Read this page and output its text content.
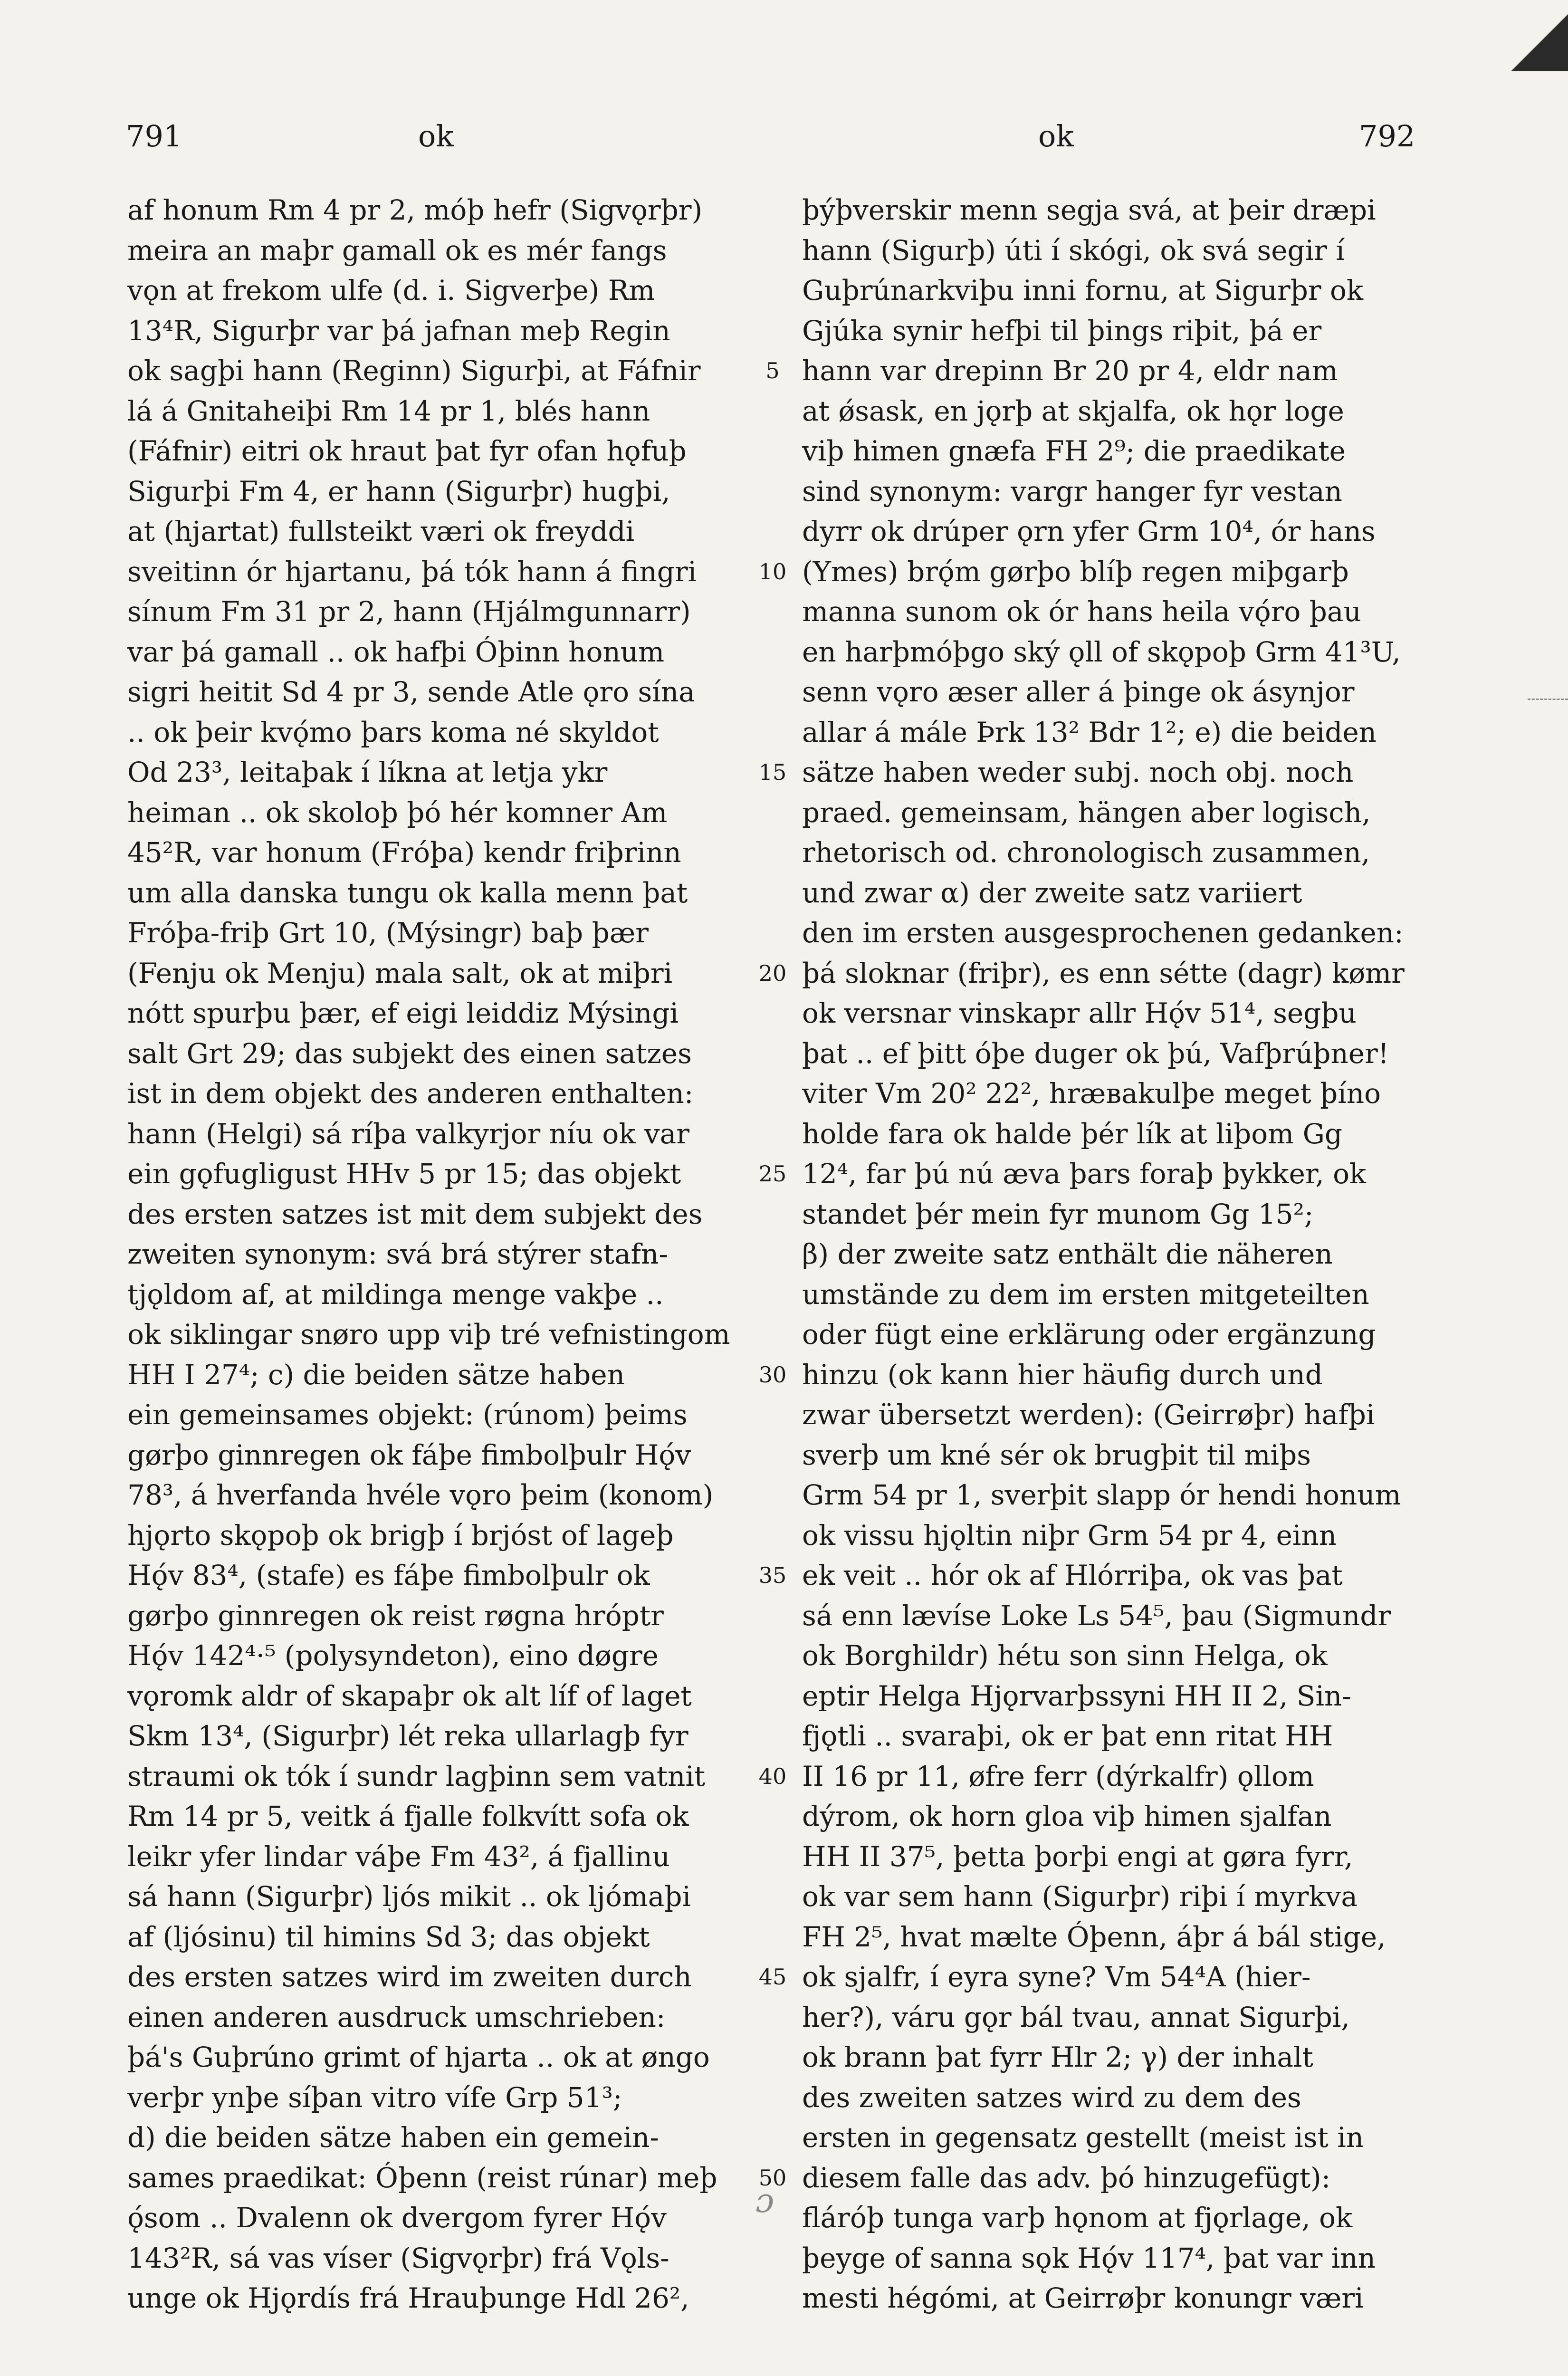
791	ok	ok	792
af honum Rm 4 pr 2, móþ hefr (Sigvǫrþr)
meira an maþr gamall ok es mér fangs
vǫn at frekom ulfe (d. i. Sigverþe) Rm
13⁴R, Sigurþr var þá jafnan meþ Regin
ok sagþi hann (Reginn) Sigurþi, at Fáfnir
lá á Gnitaheiþi Rm 14 pr 1, blés hann
(Fáfnir) eitri ok hraut þat fyr ofan hǫfuþ
Sigurþi Fm 4, er hann (Sigurþr) hugþi,
at (hjartat) fullsteikt væri ok freyddi
sveitinn ór hjartanu, þá tók hann á fingri
sínum Fm 31 pr 2, hann (Hjálmgunnarr)
var þá gamall .. ok hafþi Óþinn honum
sigri heitit Sd 4 pr 3, sende Atle ǫro sína
.. ok þeir kvǫ́mo þars koma né skyldot
Od 23³, leitaþak í líkna at letja ykr
heiman .. ok skoloþ þó hér komner Am
45²R, var honum (Fróþa) kendr friþrinn
um alla danska tungu ok kalla menn þat
Fróþa-friþ Grt 10, (Mýsingr) baþ þær
(Fenju ok Menju) mala salt, ok at miþri
nótt spurþu þær, ef eigi leiddiz Mýsingi
salt Grt 29; das subjekt des einen satzes
ist in dem objekt des anderen enthalten:
hann (Helgi) sá ríþa valkyrjor níu ok var
ein gǫfugligust HHv 5 pr 15; das objekt
des ersten satzes ist mit dem subjekt des
zweiten synonym: svá brá stýrer stafn-
tjǫldom af, at mildinga menge vakþe ..
ok siklingar snøro upp viþ tré vefnistingom
HH I 27⁴; c) die beiden sätze haben
ein gemeinsames objekt: (rúnom) þeims
gørþo ginnregen ok fáþe fimbolþulr Hǫ́v
78³, á hverfanda hvéle vǫro þeim (konom)
hjǫrto skǫpoþ ok brigþ í brjóst of lageþ
Hǫ́v 83⁴, (stafe) es fáþe fimbolþulr ok
gørþo ginnregen ok reist røgna hróptr
Hǫ́v 142⁴·⁵ (polysyndeton), eino døgre
vǫromk aldr of skapaþr ok alt líf of laget
Skm 13⁴, (Sigurþr) lét reka ullarlagþ fyr
straumi ok tók í sundr lagþinn sem vatnit
Rm 14 pr 5, veitk á fjalle folkvítt sofa ok
leikr yfer lindar váþe Fm 43², á fjallinu
sá hann (Sigurþr) ljós mikit .. ok ljómaþi
af (ljósinu) til himins Sd 3; das objekt
des ersten satzes wird im zweiten durch
einen anderen ausdruck umschrieben:
þá's Guþrúno grimt of hjarta .. ok at øngo
verþr ynþe síþan vitro vífe Grp 51³;
d) die beiden sätze haben ein gemein-
sames praedikat: Óþenn (reist rúnar) meþ
ǫ́som .. Dvalenn ok dvergom fyrer Hǫ́v
143²R, sá vas víser (Sigvǫrþr) frá Vǫls-
unge ok Hjǫrdís frá Hrauþunge Hdl 26²,
5
10
15
20
25
30
35
40
45
50
þýþverskir menn segja svá, at þeir dræpi
hann (Sigurþ) úti í skógi, ok svá segir í
Guþrúnarkviþu inni fornu, at Sigurþr ok
Gjúka synir hefþi til þings riþit, þá er
hann var drepinn Br 20 pr 4, eldr nam
at ǿsask, en jǫrþ at skjalfa, ok hǫr loge
viþ himen gnæfa FH 2⁹; die praedikate
sind synonym: vargr hanger fyr vestan
dyrr ok drúper ǫrn yfer Grm 10⁴, ór hans
(Ymes) brǫ́m gørþo blíþ regen miþgarþ
manna sunom ok ór hans heila vǫ́ro þau
en harþmóþgo ský ǫll of skǫpoþ Grm 41³U,
senn vǫro æser aller á þinge ok ásynjor
allar á mále Þrk 13² Bdr 1²; e) die beiden
sätze haben weder subj. noch obj. noch
praed. gemeinsam, hängen aber logisch,
rhetorisch od. chronologisch zusammen,
und zwar α) der zweite satz variiert
den im ersten ausgesprochenen gedanken:
þá sloknar (friþr), es enn sétte (dagr) kømr
ok versnar vinskapr allr Hǫ́v 51⁴, segþu
þat .. ef þitt óþe duger ok þú, Vafþrúþner!
viter Vm 20² 22², hræвakulþe meget þíno
holde fara ok halde þér lík at liþom Gg
12⁴, far þú nú æva þars foraþ þykker, ok
standet þér mein fyr munom Gg 15²;
β) der zweite satz enthält die näheren
umstände zu dem im ersten mitgeteilten
oder fügt eine erklärung oder ergänzung
hinzu (ok kann hier häufig durch und
zwar übersetzt werden): (Geirrøþr) hafþi
sverþ um kné sér ok brugþit til miþs
Grm 54 pr 1, sverþit slapp ór hendi honum
ok vissu hjǫltin niþr Grm 54 pr 4, einn
ek veit .. hór ok af Hlórriþa, ok vas þat
sá enn lævíse Loke Ls 54⁵, þau (Sigmundr
ok Borghildr) hétu son sinn Helga, ok
eptir Helga Hjǫrvarþssyni HH II 2, Sin-
fjǫtli .. svaraþi, ok er þat enn ritat HH
II 16 pr 11, øfre ferr (dýrkalfr) ǫllom
dýrom, ok horn gloa viþ himen sjalfan
HH II 37⁵, þetta þorþi engi at gøra fyrr,
ok var sem hann (Sigurþr) riþi í myrkva
FH 2⁵, hvat mælte Óþenn, áþr á bál stige,
ok sjalfr, í eyra syne? Vm 54⁴A (hier-
her?), váru gǫr bál tvau, annat Sigurþi,
ok brann þat fyrr Hlr 2; γ) der inhalt
des zweiten satzes wird zu dem des
ersten in gegensatz gestellt (meist ist in
diesem falle das adv. þó hinzugefügt):
fláróþ tunga varþ hǫnom at fjǫrlage, ok
þeyge of sanna sǫk Hǫ́v 117⁴, þat var inn
mesti hégómi, at Geirrøþr konungr væri
ɔ
